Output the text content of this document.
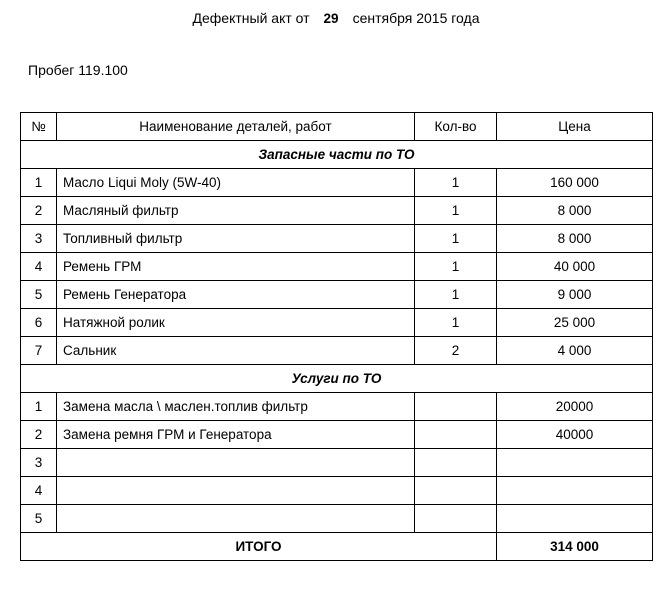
Дефектный акт от	29	сентября 2015 года
Пробег 119.100
№	Наименование деталей, работ	Кол-во	Цена
Запасные части по ТО			
1	Масло Liqui Moly (5W-40)	1	160 000
2	Масляный фильтр	1	8 000
3	Топливный фильтр	1	8 000
4	Ремень ГРМ	1	40 000
5	Ремень Генератора	1	9 000
6	Натяжной ролик	1	25 000
7	Сальник	2	4 000
Услуги по ТО			
1	Замена масла \ маслен.топлив фильтр		20000
2	Замена ремня ГРМ и Генератора		40000
3			
4			
5			
ИТОГО			314 000
